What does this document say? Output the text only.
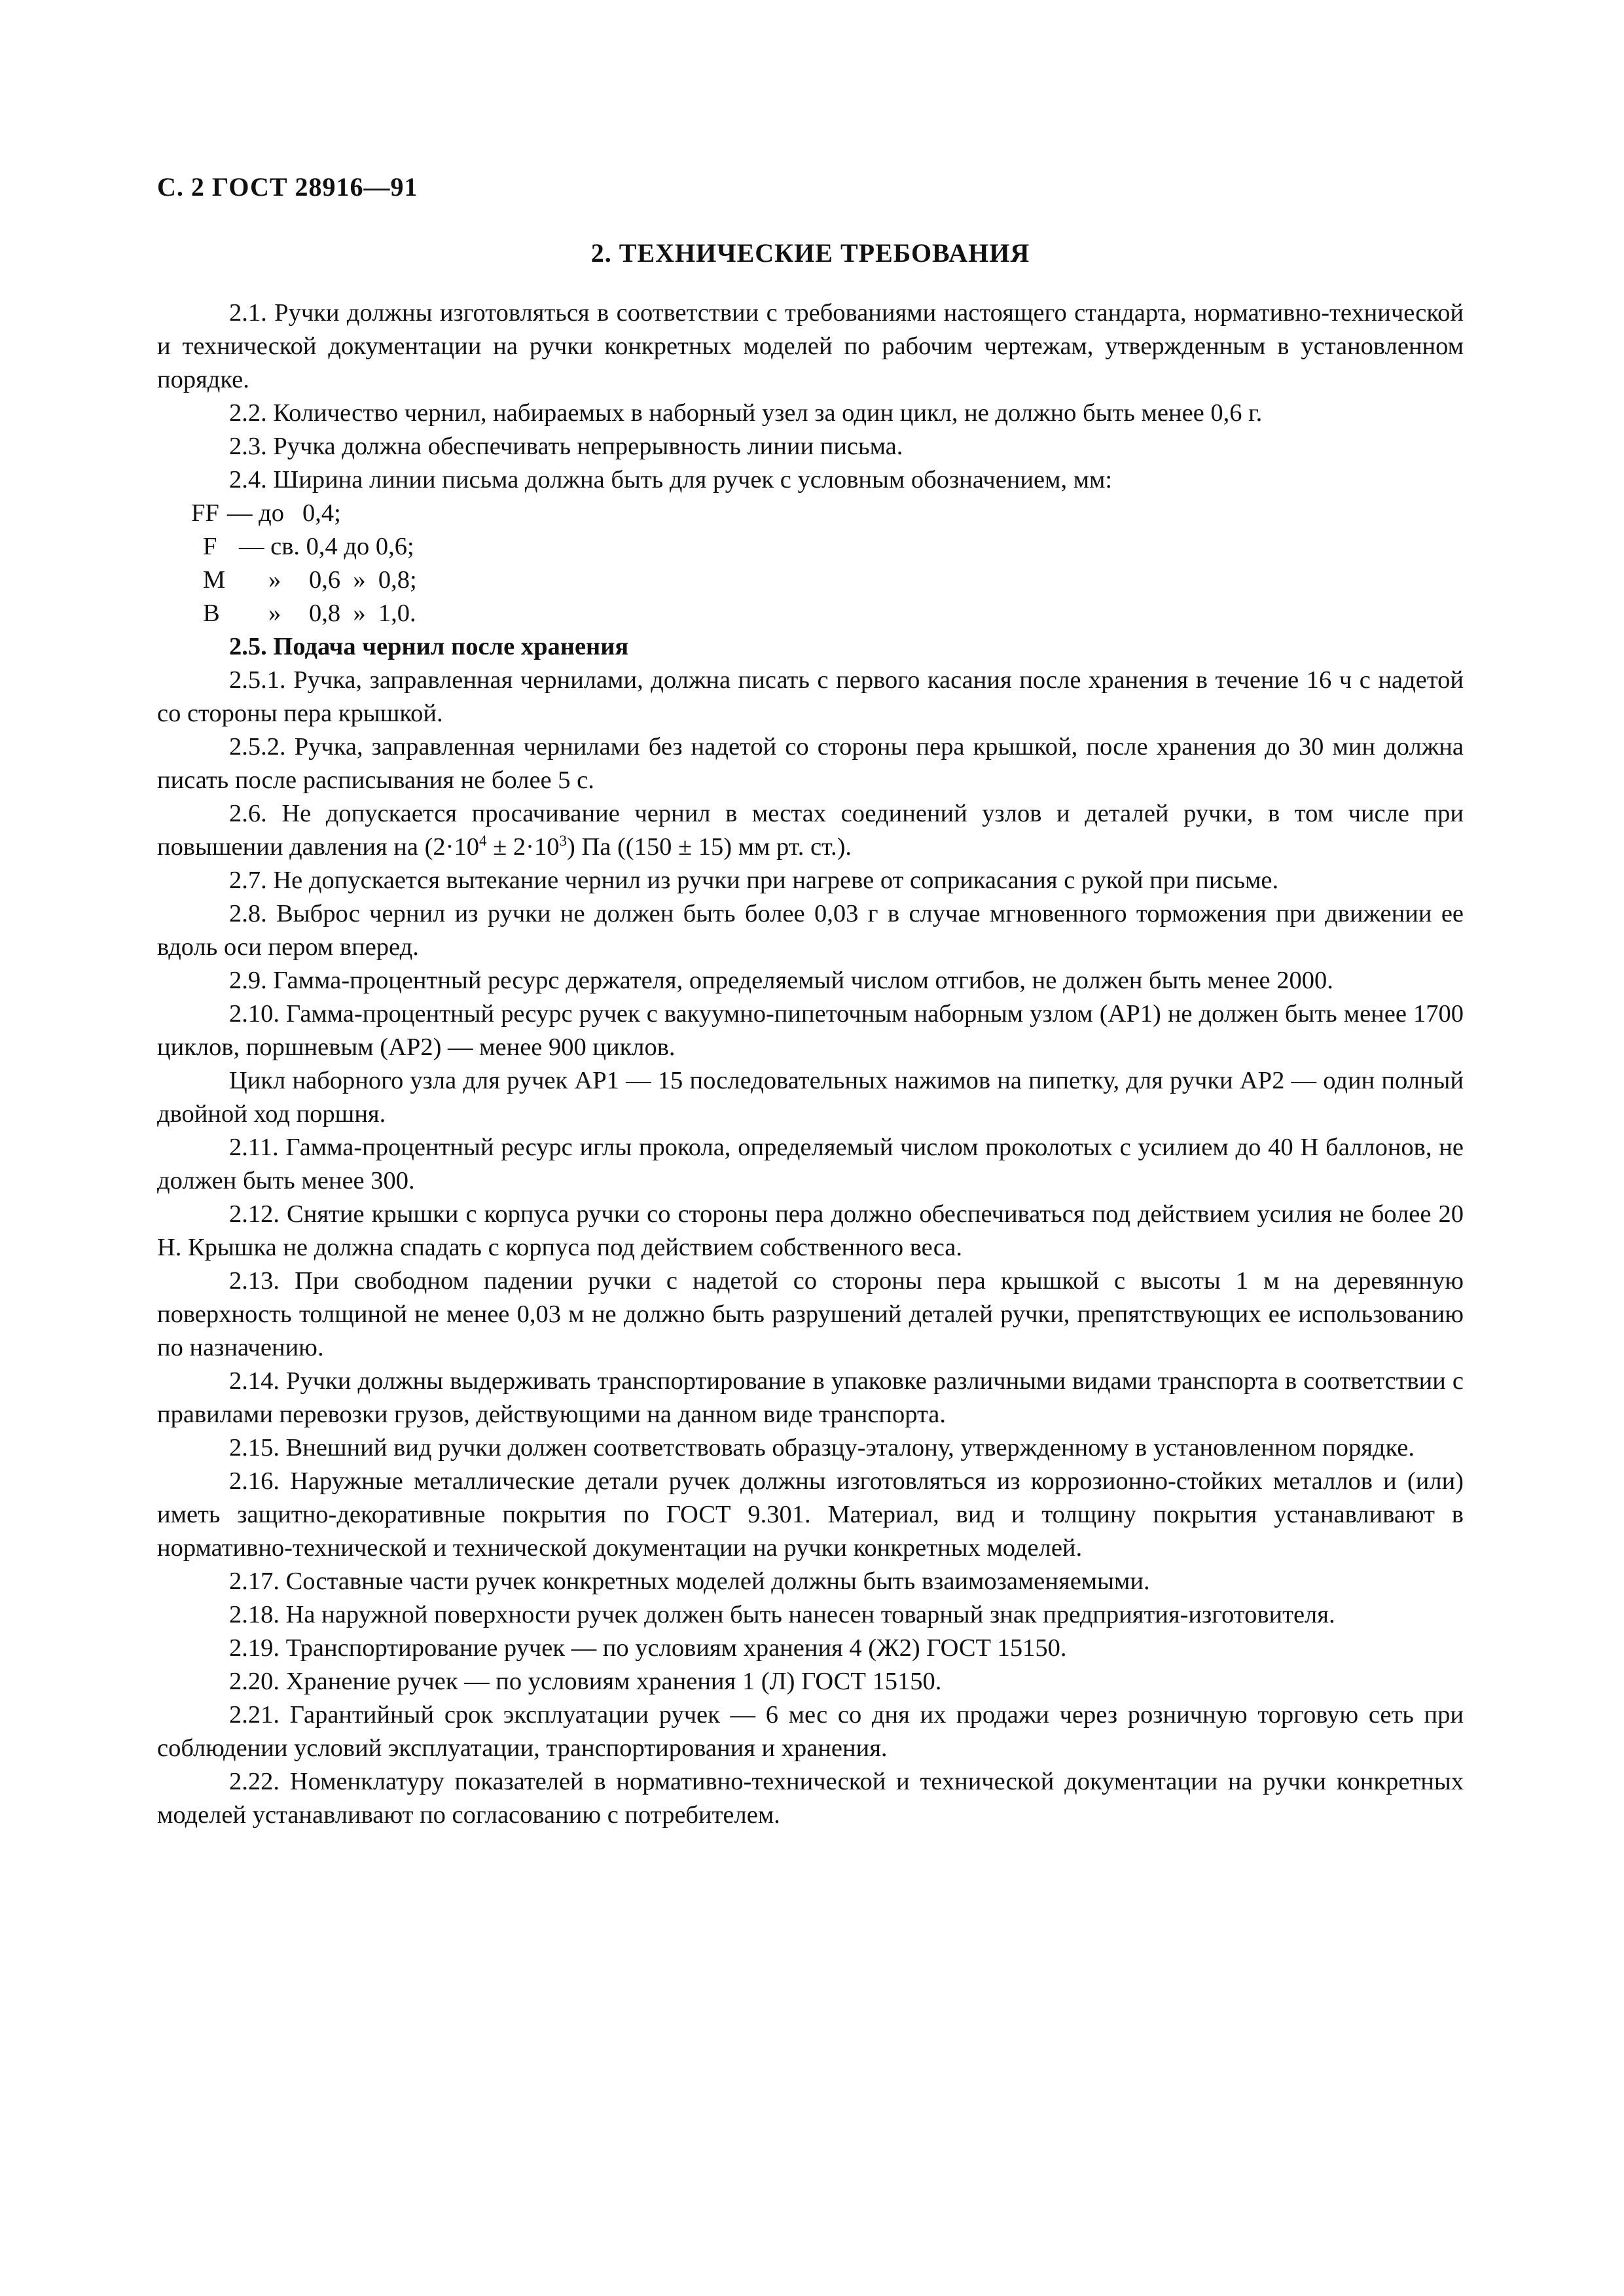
С. 2 ГОСТ 28916—91
2. ТЕХНИЧЕСКИЕ ТРЕБОВАНИЯ

2.1. Ручки должны изготовляться в соответствии с требованиями настоящего стандарта, нормативно-технической и технической документации на ручки конкретных моделей по рабочим чертежам, утвержденным в установленном порядке.

2.2. Количество чернил, набираемых в наборный узел за один цикл, не должно быть менее 0,6 г.

2.3. Ручка должна обеспечивать непрерывность линии письма.

2.4. Ширина линии письма должна быть для ручек с условным обозначением, мм:

FF — до 0,4;
F — св. 0,4 до 0,6;
M	»	0,6  »  0,8;
B	»	0,8  »  1,0.

2.5. Подача чернил после хранения

2.5.1. Ручка, заправленная чернилами, должна писать с первого касания после хранения в течение 16 ч с надетой со стороны пера крышкой.

2.5.2. Ручка, заправленная чернилами без надетой со стороны пера крышкой, после хранения до 30 мин должна писать после расписывания не более 5 с.

2.6. Не допускается просачивание чернил в местах соединений узлов и деталей ручки, в том числе при повышении давления на $(2\cdot 10^4 \pm 2\cdot 10^3)$ Па ((150 ± 15) мм рт. ст.).

2.7. Не допускается вытекание чернил из ручки при нагреве от соприкасания с рукой при письме.

2.8. Выброс чернил из ручки не должен быть более 0,03 г в случае мгновенного торможения при движении ее вдоль оси пером вперед.

2.9. Гамма-процентный ресурс держателя, определяемый числом отгибов, не должен быть менее 2000.

2.10. Гамма-процентный ресурс ручек с вакуумно-пипеточным наборным узлом (АР1) не должен быть менее 1700 циклов, поршневым (АР2) — менее 900 циклов.

Цикл наборного узла для ручек АР1 — 15 последовательных нажимов на пипетку, для ручки АР2 — один полный двойной ход поршня.

2.11. Гамма-процентный ресурс иглы прокола, определяемый числом проколотых с усилием до 40 Н баллонов, не должен быть менее 300.

2.12. Снятие крышки с корпуса ручки со стороны пера должно обеспечиваться под действием усилия не более 20 Н. Крышка не должна спадать с корпуса под действием собственного веса.

2.13. При свободном падении ручки с надетой со стороны пера крышкой с высоты 1 м на деревянную поверхность толщиной не менее 0,03 м не должно быть разрушений деталей ручки, препятствующих ее использованию по назначению.

2.14. Ручки должны выдерживать транспортирование в упаковке различными видами транспорта в соответствии с правилами перевозки грузов, действующими на данном виде транспорта.

2.15. Внешний вид ручки должен соответствовать образцу-эталону, утвержденному в установленном порядке.

2.16. Наружные металлические детали ручек должны изготовляться из коррозионно-стойких металлов и (или) иметь защитно-декоративные покрытия по ГОСТ 9.301. Материал, вид и толщину покрытия устанавливают в нормативно-технической и технической документации на ручки конкретных моделей.

2.17. Составные части ручек конкретных моделей должны быть взаимозаменяемыми.

2.18. На наружной поверхности ручек должен быть нанесен товарный знак предприятия-изготовителя.

2.19. Транспортирование ручек — по условиям хранения 4 (Ж2) ГОСТ 15150.

2.20. Хранение ручек — по условиям хранения 1 (Л) ГОСТ 15150.

2.21. Гарантийный срок эксплуатации ручек — 6 мес со дня их продажи через розничную торговую сеть при соблюдении условий эксплуатации, транспортирования и хранения.

2.22. Номенклатуру показателей в нормативно-технической и технической документации на ручки конкретных моделей устанавливают по согласованию с потребителем.
